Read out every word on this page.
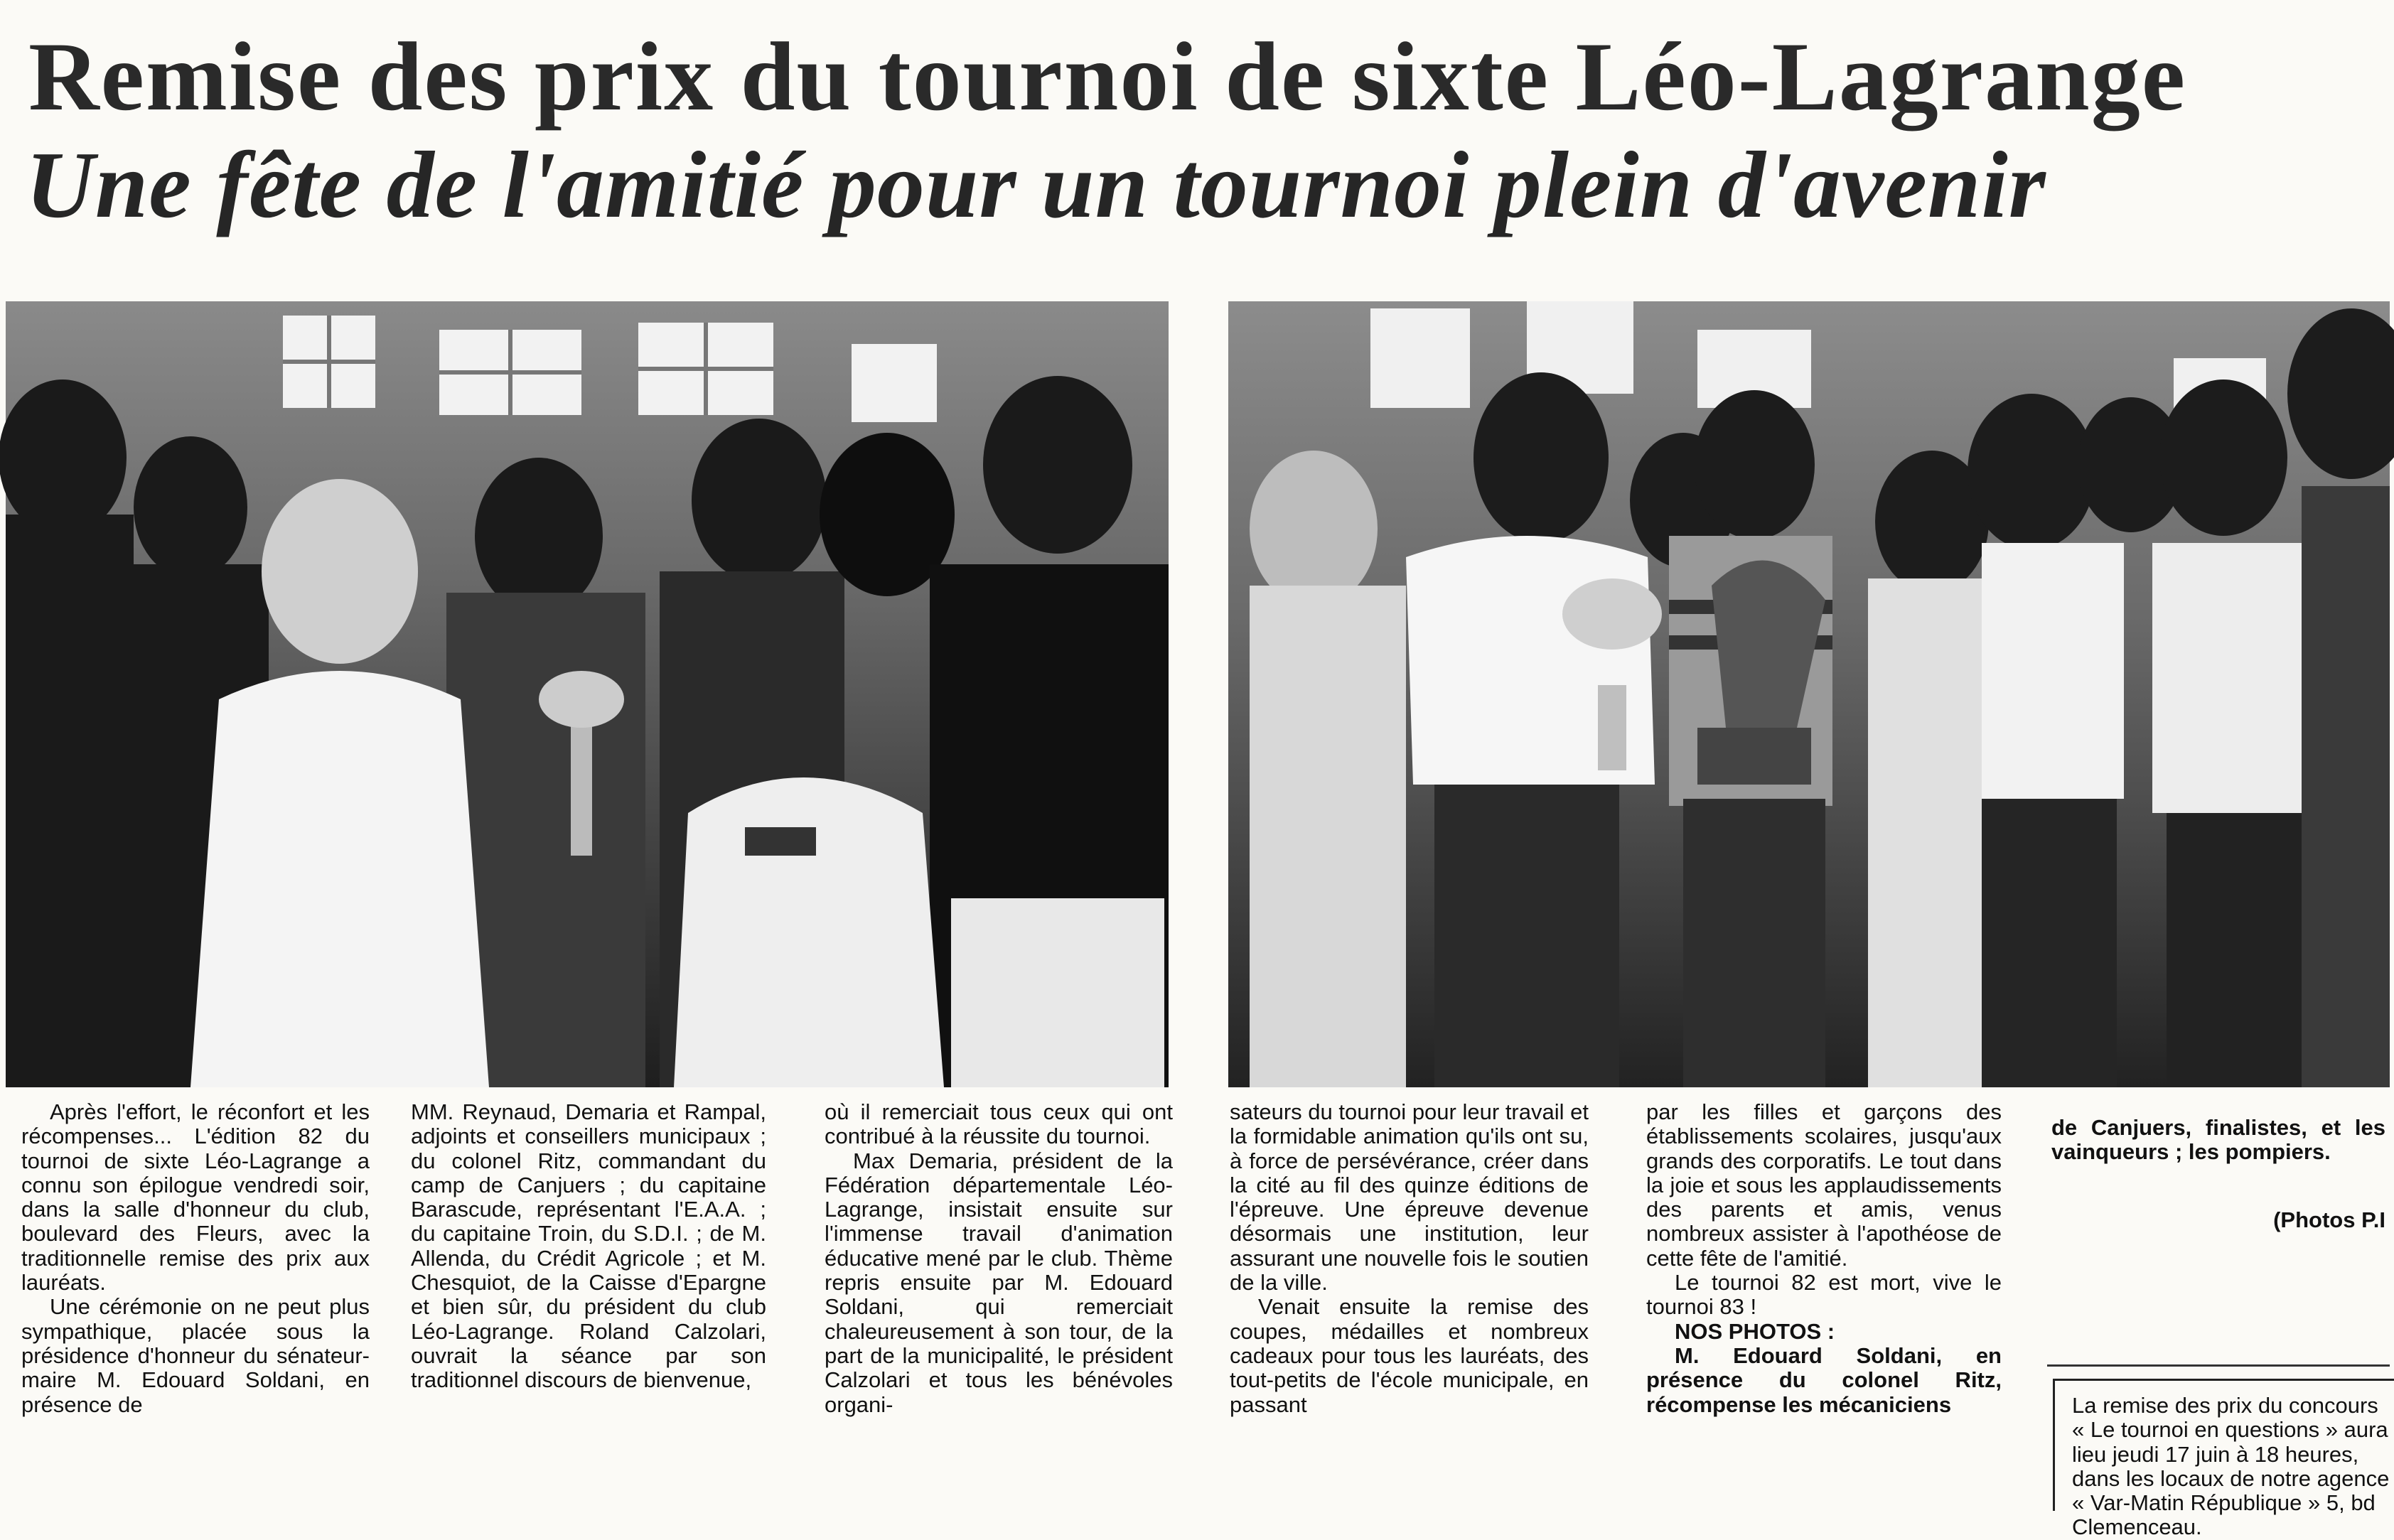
Remise des prix du tournoi de sixte Léo-Lagrange
Une fête de l'amitié pour un tournoi plein d'avenir

Après l'effort, le réconfort et les récompenses... L'édition 82 du tournoi de sixte Léo-Lagrange a connu son épilogue vendredi soir, dans la salle d'honneur du club, boulevard des Fleurs, avec la traditionnelle remise des prix aux lauréats.

Une cérémonie on ne peut plus sympathique, placée sous la présidence d'honneur du sénateur-maire M. Edouard Soldani, en présence de

MM. Reynaud, Demaria et Rampal, adjoints et conseillers municipaux ; du colonel Ritz, commandant du camp de Canjuers ; du capitaine Barascude, représentant l'E.A.A. ; du capitaine Troin, du S.D.I. ; de M. Allenda, du Crédit Agricole ; et M. Chesquiot, de la Caisse d'Epargne et bien sûr, du président du club Léo-Lagrange. Roland Calzolari, ouvrait la séance par son traditionnel discours de bienvenue,

où il remerciait tous ceux qui ont contribué à la réussite du tournoi.

Max Demaria, président de la Fédération départementale Léo-Lagrange, insistait ensuite sur l'immense travail d'animation éducative mené par le club. Thème repris ensuite par M. Edouard Soldani, qui remerciait chaleureusement à son tour, de la part de la municipalité, le président Calzolari et tous les bénévoles organi-

sateurs du tournoi pour leur travail et la formidable animation qu'ils ont su, à force de persévérance, créer dans la cité au fil des quinze éditions de l'épreuve. Une épreuve devenue désormais une institution, leur assurant une nouvelle fois le soutien de la ville.

Venait ensuite la remise des coupes, médailles et nombreux cadeaux pour tous les lauréats, des tout-petits de l'école municipale, en passant

par les filles et garçons des établissements scolaires, jusqu'aux grands des corporatifs. Le tout dans la joie et sous les applaudissements des parents et amis, venus nombreux assister à l'apothéose de cette fête de l'amitié.

Le tournoi 82 est mort, vive le tournoi 83 !

NOS PHOTOS :

M. Edouard Soldani, en présence du colonel Ritz, récompense les mécaniciens

de Canjuers, finalistes, et les vainqueurs ; les pompiers.

(Photos P.I

La remise des prix du concours « Le tournoi en questions » aura lieu jeudi 17 juin à 18 heures, dans les locaux de notre agence « Var-Matin République » 5, bd Clemenceau.
